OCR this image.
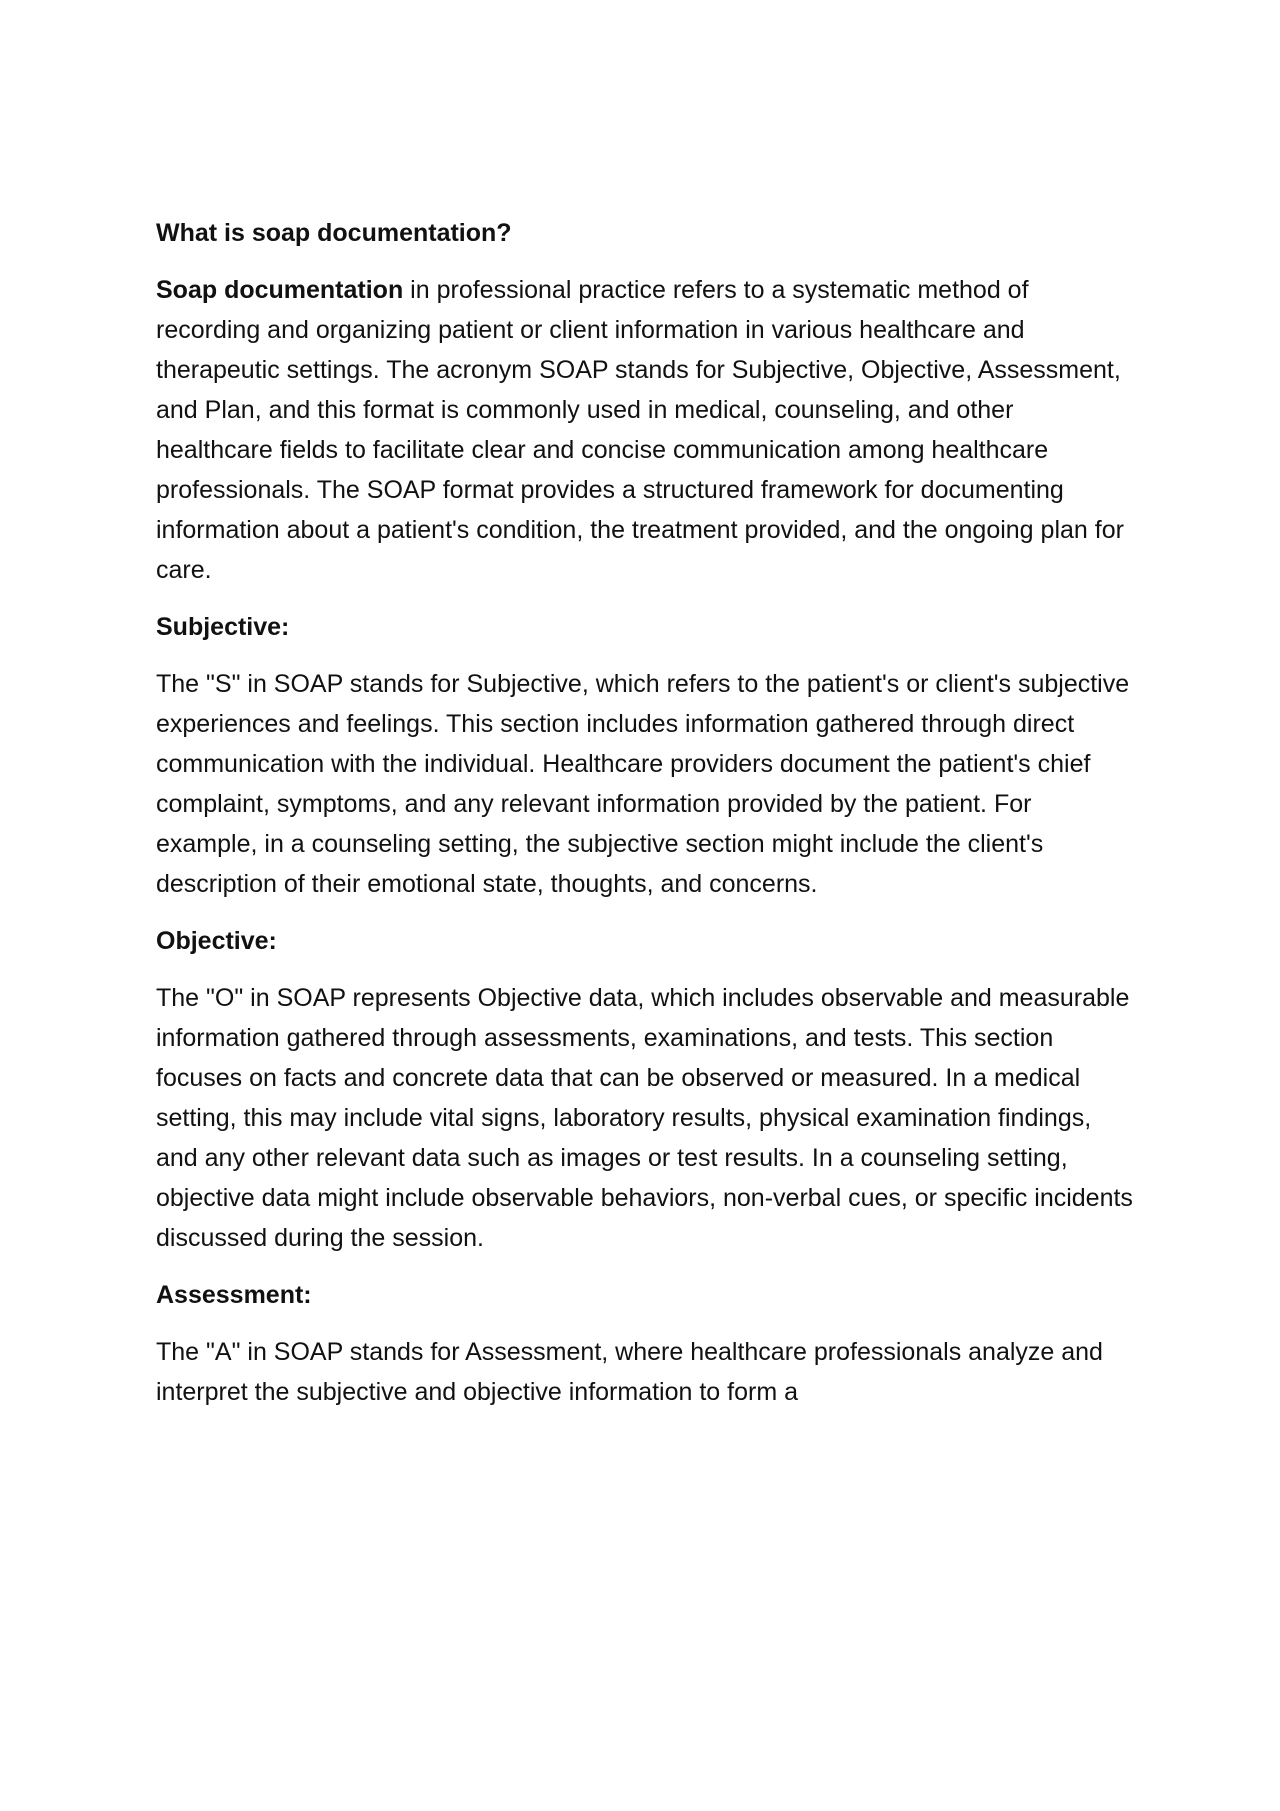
What is soap documentation?
Soap documentation in professional practice refers to a systematic method of recording and organizing patient or client information in various healthcare and therapeutic settings. The acronym SOAP stands for Subjective, Objective, Assessment, and Plan, and this format is commonly used in medical, counseling, and other healthcare fields to facilitate clear and concise communication among healthcare professionals. The SOAP format provides a structured framework for documenting information about a patient's condition, the treatment provided, and the ongoing plan for care.
Subjective:
The "S" in SOAP stands for Subjective, which refers to the patient's or client's subjective experiences and feelings. This section includes information gathered through direct communication with the individual. Healthcare providers document the patient's chief complaint, symptoms, and any relevant information provided by the patient. For example, in a counseling setting, the subjective section might include the client's description of their emotional state, thoughts, and concerns.
Objective:
The "O" in SOAP represents Objective data, which includes observable and measurable information gathered through assessments, examinations, and tests. This section focuses on facts and concrete data that can be observed or measured. In a medical setting, this may include vital signs, laboratory results, physical examination findings, and any other relevant data such as images or test results. In a counseling setting, objective data might include observable behaviors, non-verbal cues, or specific incidents discussed during the session.
Assessment:
The "A" in SOAP stands for Assessment, where healthcare professionals analyze and interpret the subjective and objective information to form a
